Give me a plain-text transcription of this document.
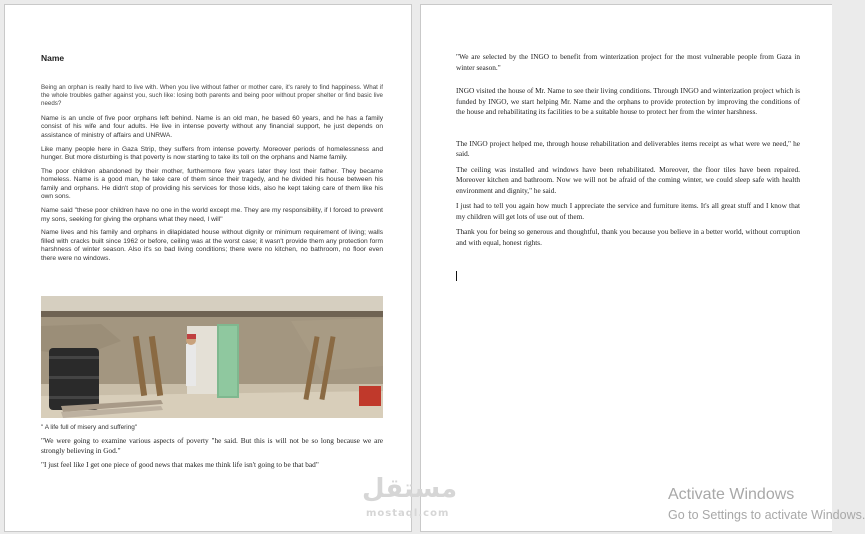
Name

Being an orphan is really hard to live with. When you live without father or mother care, it's rarely to find happiness. What if the whole troubles gather against you, such like: losing both parents and being poor without proper shelter or find basic live needs?

Name is an uncle of five poor orphans left behind. Name is an old man, he based 60 years, and he has a family consist of his wife and four adults. He live in intense poverty without any financial support, he just depends on assistance of ministry of affairs and UNRWA.

Like many people here in Gaza Strip, they suffers from intense poverty. Moreover periods of homelessness and hunger. But more disturbing is that poverty is now starting to take its toll on the orphans and Name family.

The poor children abandoned by their mother, furthermore few years later they lost their father. They became homeless. Name is a good man, he take care of them since their tragedy, and he divided his house between his family and orphans. He didn't stop of providing his services for those kids, also he kept taking care of them like his own sons.

Name said "these poor children have no one in the world except me. They are my responsibility, if I forced to prevent my sons, seeking for giving the orphans what they need, I will"

Name lives and his family and orphans in dilapidated house without dignity or minimum requirement of living; walls filled with cracks built since 1962 or before, ceiling was at the worst case; it wasn't provide them any protection form harshness of winter season. Also it's so bad living conditions; there were no kitchen, no bathroom, no floor even there were no windows.

" A life full of misery and suffering"

"We were going to examine various aspects of poverty "he said. But this is will not be so long because we are strongly believing in God."

"I just feel like I get one piece of good news that makes me think life isn't going to be that bad"

"We are selected by the INGO to benefit from winterization project for the most vulnerable people from Gaza in winter season."

INGO visited the house of Mr. Name to see their living conditions. Through INGO and winterization project which is funded by INGO, we start helping Mr. Name and the orphans to provide protection by improving the conditions of the house and rehabilitating its facilities to be a suitable house to protect her from the winter harshness.

The INGO project helped me, through house rehabilitation and deliverables items receipt as what were we need," he said.

The ceiling was installed and windows have been rehabilitated. Moreover, the floor tiles have been repaired. Moreover kitchen and bathroom. Now we will not be afraid of the coming winter, we could sleep safe with health environment and dignity," he said.

I just had to tell you again how much I appreciate the service and furniture items. It's all great stuff and I know that my children will get lots of use out of them.

Thank you for being so generous and thoughtful, thank you because you believe in a better world, without corruption and with equal, honest rights.

مستقل
mostaql.com
Activate Windows
Go to Settings to activate Windows.
